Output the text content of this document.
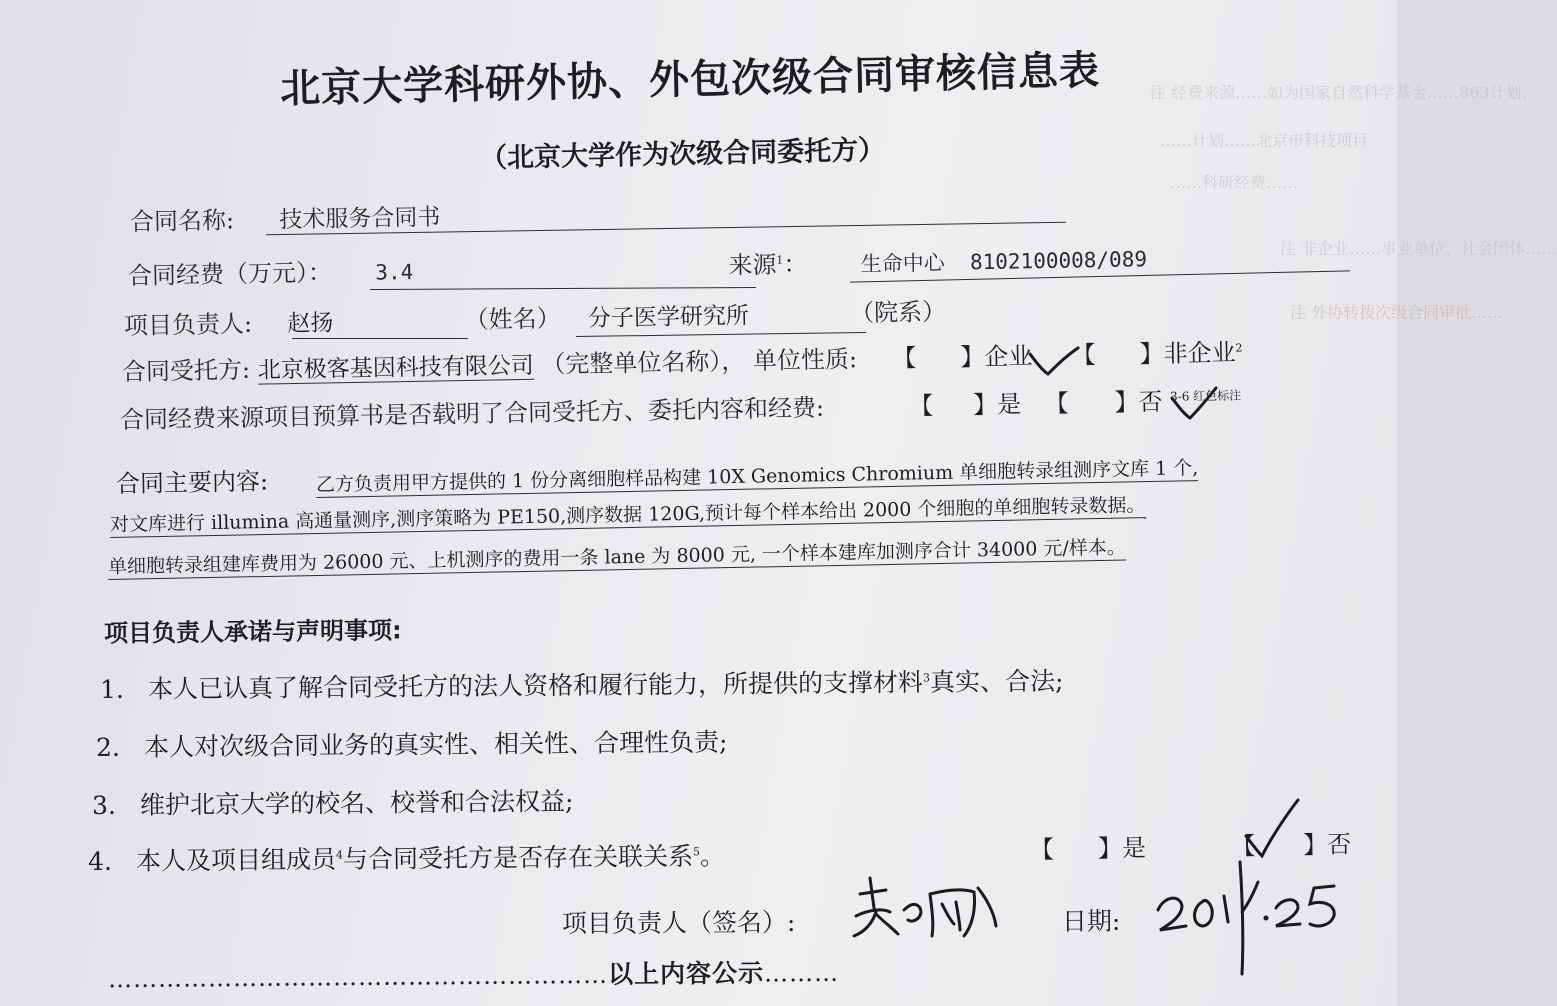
注 经费来源……如为国家自然科学基金……863计划、
……计划……北京市科技项目
……科研经费……
注 非企业……事业单位、社会团体……
注 外协转拨次级合同审批……
北京大学科研外协、外包次级合同审核信息表
（北京大学作为次级合同委托方）
合同名称: 技术服务合同书
合同经费（万元）： 3.4	来源$^1$：	生命中心  8102100008/089
项目负责人: 赵扬	（姓名） 分子医学研究所	（院系）
合同受托方: 北京极客基因科技有限公司 （完整单位名称）， 单位性质: 【 】企业 【 】非企业$^2$
合同经费来源项目预算书是否载明了合同受托方、委托内容和经费:	【 】是 【 】否 $^{3-6 红色标注}$
合同主要内容: 乙方负责用甲方提供的 1 份分离细胞样品构建 10X Genomics Chromium 单细胞转录组测序文库 1 个,
对文库进行 illumina 高通量测序,测序策略为 PE150,测序数据 120G,预计每个样本给出 2000 个细胞的单细胞转录数据。
单细胞转录组建库费用为 26000 元、上机测序的费用一条 lane 为 8000 元, 一个样本建库加测序合计 34000 元/样本。
项目负责人承诺与声明事项:
1. 本人已认真了解合同受托方的法人资格和履行能力，所提供的支撑材料$^3$真实、合法;
2. 本人对次级合同业务的真实性、相关性、合理性负责;
3. 维护北京大学的校名、校誉和合法权益;
4. 本人及项目组成员$^4$与合同受托方是否存在关联关系$^5$。	【 】是	【 】否
项目负责人（签名）:	日期:
……………………………………………………以上内容公示………
